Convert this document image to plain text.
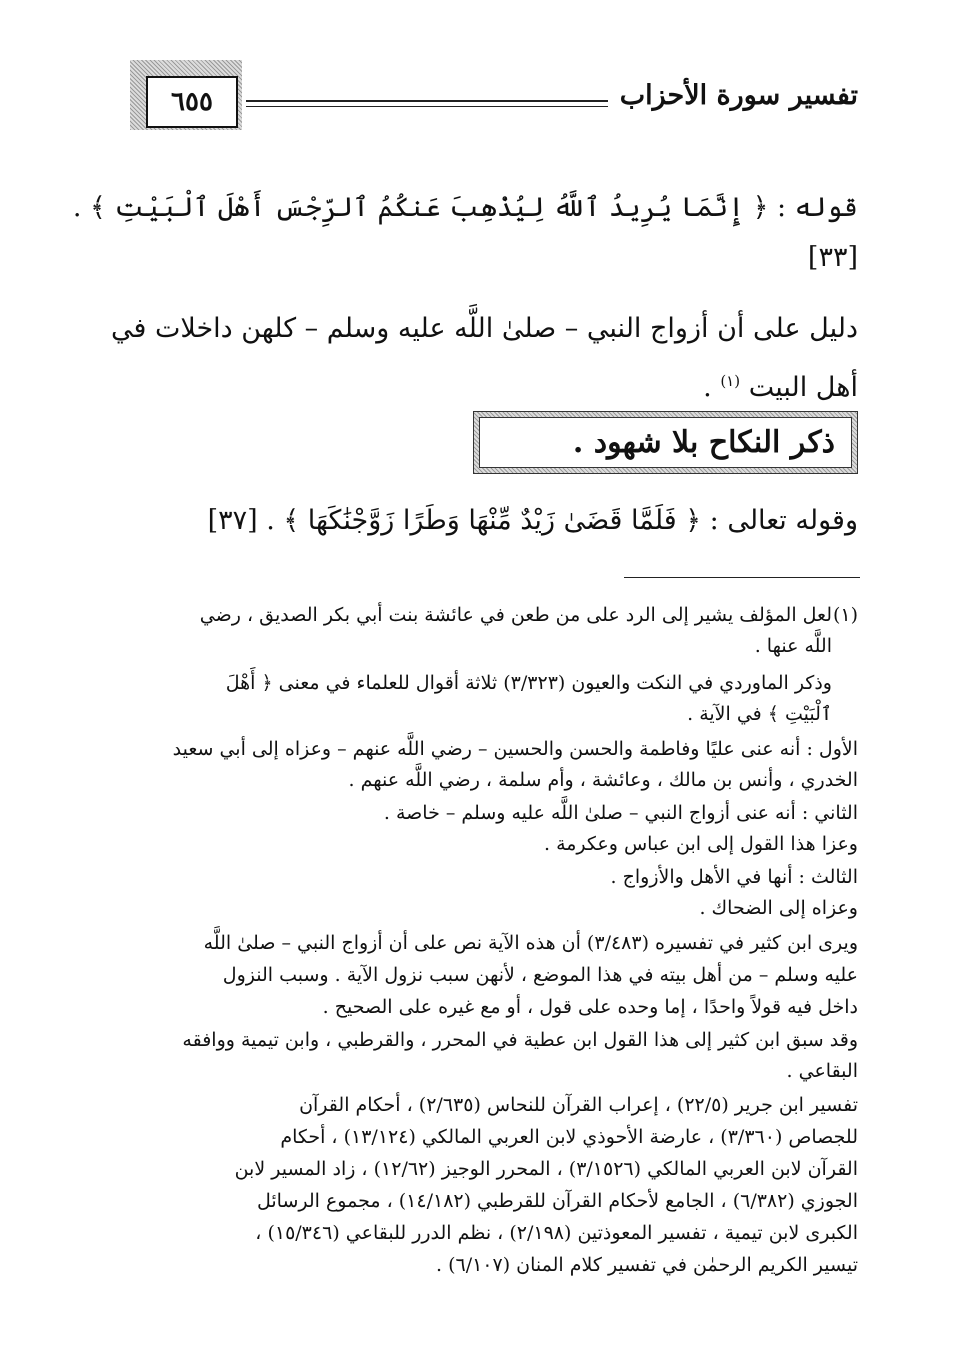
٦٥٥	تفسير سورة الأحزاب
قوله : ﴿ إِنَّمَا يُرِيدُ ٱللَّهُ لِيُذْهِبَ عَنكُمُ ٱلرِّجْسَ أَهْلَ ٱلْبَيْتِ ﴾ .
[٣٣]
دليل على أن أزواج النبي – صلىٰ اللَّه عليه وسلم – كلهن داخلات في
أهل البيت $^{(١)}$ .
ذكر النكاح بلا شهود .
وقوله تعالى : ﴿ فَلَمَّا قَضَىٰ زَيْدٌ مِّنْهَا وَطَرًا زَوَّجْنَٰكَهَا ﴾ . [٣٧]
(١)
لعل المؤلف يشير إلى الرد على من طعن في عائشة بنت أبي بكر الصديق ، رضي
اللَّه عنها .
وذكر الماوردي في النكت والعيون (٣/٣٢٣) ثلاثة أقوال للعلماء في معنى ﴿ أَهْلَ
ٱلْبَيْتِ ﴾ في الآية .
الأول : أنه عنى عليًا وفاطمة والحسن والحسين – رضي اللَّه عنهم – وعزاه إلى أبي سعيد
الخدري ، وأنس بن مالك ، وعائشة ، وأم سلمة ، رضي اللَّه عنهم .
الثاني : أنه عنى أزواج النبي – صلىٰ اللَّه عليه وسلم – خاصة .
وعزا هذا القول إلى ابن عباس وعكرمة .
الثالث : أنها في الأهل والأزواج .
وعزاه إلى الضحاك .
ويرى ابن كثير في تفسيره (٣/٤٨٣) أن هذه الآية نص على أن أزواج النبي – صلىٰ اللَّه
عليه وسلم – من أهل بيته في هذا الموضع ، لأنهن سبب نزول الآية . وسبب النزول
داخل فيه قولاً واحدًا ، إما وحده على قول ، أو مع غيره على الصحيح .
وقد سبق ابن كثير إلى هذا القول ابن عطية في المحرر ، والقرطبي ، وابن تيمية ووافقه
البقاعي .
تفسير ابن جرير (٢٢/٥) ، إعراب القرآن للنحاس (٢/٦٣٥) ، أحكام القرآن
للجصاص (٣/٣٦٠) ، عارضة الأحوذي لابن العربي المالكي (١٣/١٢٤) ، أحكام
القرآن لابن العربي المالكي (٣/١٥٢٦) ، المحرر الوجيز (١٢/٦٢) ، زاد المسير لابن
الجوزي (٦/٣٨٢) ، الجامع لأحكام القرآن للقرطبي (١٤/١٨٢) ، مجموع الرسائل
الكبرى لابن تيمية ، تفسير المعوذتين (٢/١٩٨) ، نظم الدرر للبقاعي (١٥/٣٤٦) ،
تيسير الكريم الرحمٰن في تفسير كلام المنان (٦/١٠٧) .
